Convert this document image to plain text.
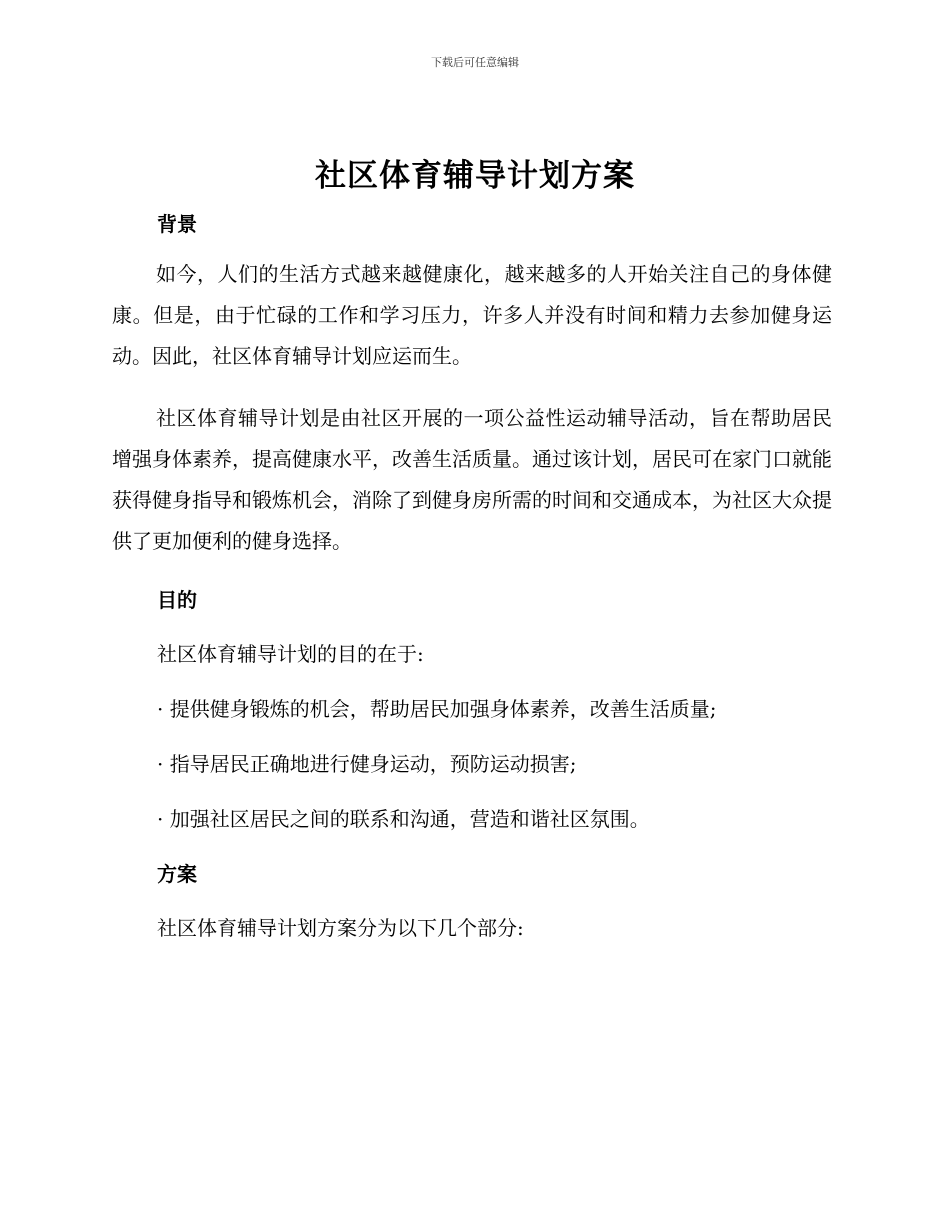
下载后可任意编辑
社区体育辅导计划方案
背景

如今，人们的生活方式越来越健康化，越来越多的人开始关注自己的身体健康。但是，由于忙碌的工作和学习压力，许多人并没有时间和精力去参加健身运动。因此，社区体育辅导计划应运而生。

社区体育辅导计划是由社区开展的一项公益性运动辅导活动，旨在帮助居民增强身体素养，提高健康水平，改善生活质量。通过该计划，居民可在家门口就能获得健身指导和锻炼机会，消除了到健身房所需的时间和交通成本，为社区大众提供了更加便利的健身选择。

目的
社区体育辅导计划的目的在于:
· 提供健身锻炼的机会，帮助居民加强身体素养，改善生活质量;
· 指导居民正确地进行健身运动，预防运动损害;
· 加强社区居民之间的联系和沟通，营造和谐社区氛围。
方案
社区体育辅导计划方案分为以下几个部分:
